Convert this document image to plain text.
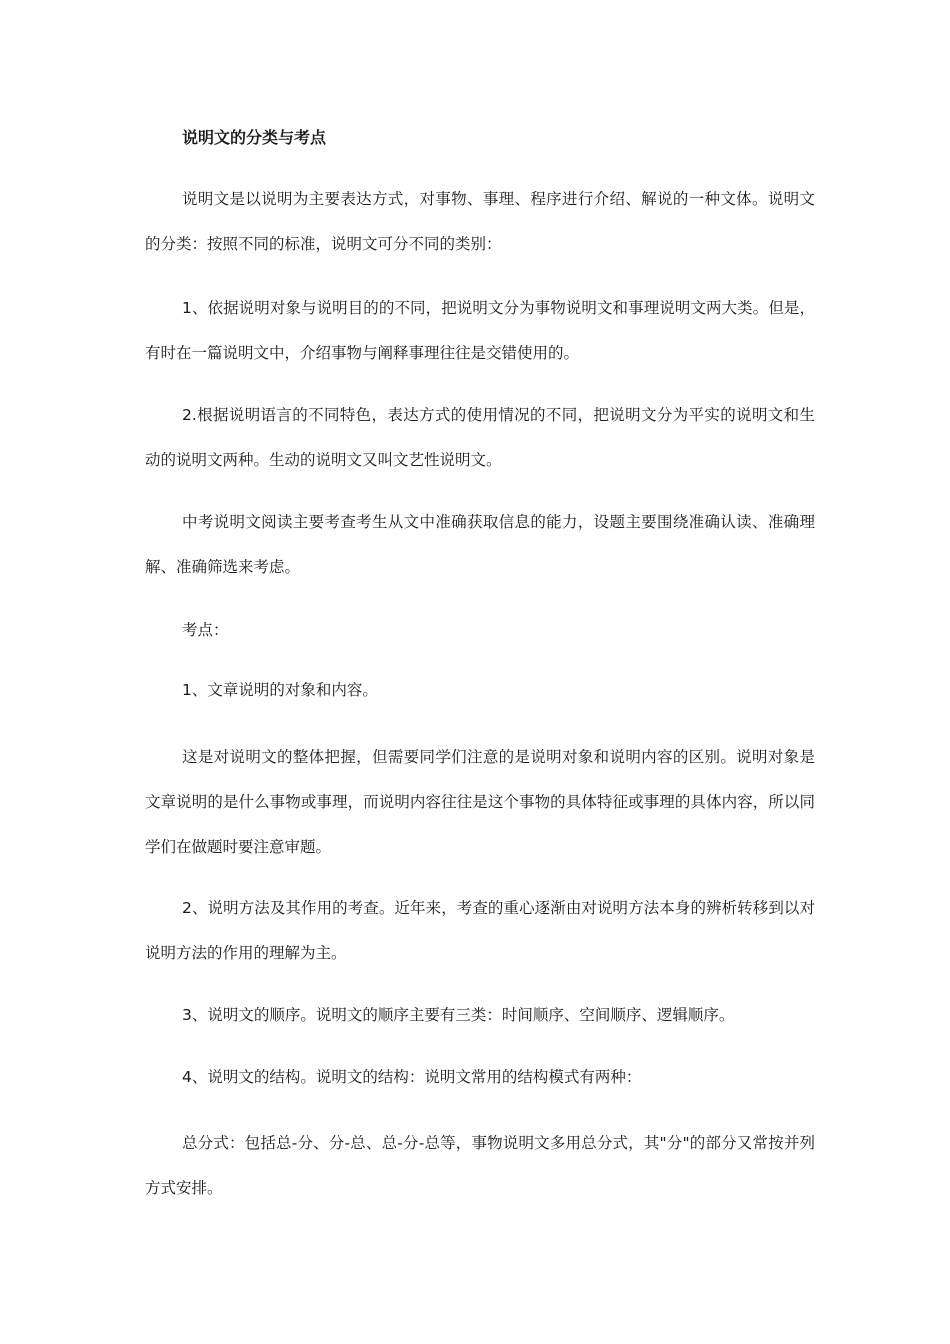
说明文的分类与考点

说明文是以说明为主要表达方式，对事物、事理、程序进行介绍、解说的一种文体。说明文的分类：按照不同的标准，说明文可分不同的类别：

1、依据说明对象与说明目的的不同，把说明文分为事物说明文和事理说明文两大类。但是，有时在一篇说明文中，介绍事物与阐释事理往往是交错使用的。

2.根据说明语言的不同特色，表达方式的使用情况的不同，把说明文分为平实的说明文和生动的说明文两种。生动的说明文又叫文艺性说明文。

中考说明文阅读主要考查考生从文中准确获取信息的能力，设题主要围绕准确认读、准确理解、准确筛选来考虑。

考点：

1、文章说明的对象和内容。

这是对说明文的整体把握，但需要同学们注意的是说明对象和说明内容的区别。说明对象是文章说明的是什么事物或事理，而说明内容往往是这个事物的具体特征或事理的具体内容，所以同学们在做题时要注意审题。

2、说明方法及其作用的考查。近年来，考查的重心逐渐由对说明方法本身的辨析转移到以对说明方法的作用的理解为主。

3、说明文的顺序。说明文的顺序主要有三类：时间顺序、空间顺序、逻辑顺序。

4、说明文的结构。说明文的结构：说明文常用的结构模式有两种：

总分式：包括总-分、分-总、总-分-总等，事物说明文多用总分式，其"分"的部分又常按并列方式安排。
